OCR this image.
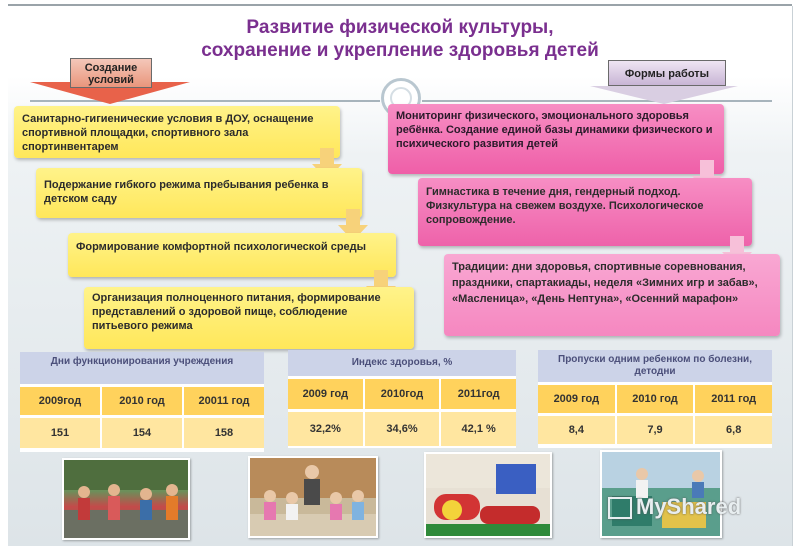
Развитие физической культуры,
сохранение и укрепление здоровья детей
Создание условий	Формы работы
Санитарно-гигиенические условия в ДОУ, оснащение спортивной площадки, спортивного зала спортинвентарем
Подержание гибкого режима пребывания ребенка в детском саду
Формирование комфортной психологической среды
Организация полноценного питания, формирование представлений о здоровой пище, соблюдение питьевого режима
Мониторинг физического, эмоционального здоровья ребёнка. Создание единой базы динамики физического и психического развития детей
Гимнастика в течение дня, гендерный подход. Физкультура на свежем воздухе. Психологическое сопровождение.
Традиции: дни здоровья, спортивные соревнования, праздники, спартакиады, неделя «Зимних игр и забав», «Масленица», «День Нептуна», «Осенний марафон»
Дни функционирования учреждения
2009год	2010 год	20011 год
151	154	158
Индекс здоровья, %
2009 год	2010год	2011год
32,2%	34,6%	42,1 %
Пропуски одним ребенком по болезни, детодни
2009 год	2010 год	2011 год
8,4	7,9	6,8
MyShared
